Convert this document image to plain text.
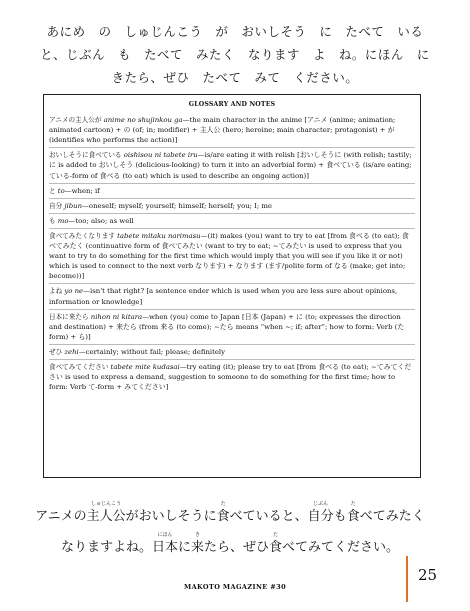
あにめ　の　しゅじんこう　が　おいしそう　に　たべて　いる
と、じぶん　も　たべて　みたく　なります　よ　ね。にほん　に
きたら、ぜひ　たべて　みて　ください。
GLOSSARY AND NOTES
アニメの主人公が anime no shujinkou ga—the main character in the anime [アニメ (anime; animation; animated cartoon) + の (of; in; modifier) + 主人公 (hero; heroine; main character; protagonist) + が (identifies who performs the action)]
おいしそうに食べている oishisou ni tabete iru—is/are eating it with relish [おいしそうに (with relish; tastily; に is added to おいしそう (delicious-looking) to turn it into an adverbial form) + 食べている (is/are eating; ている-form of 食べる (to eat) which is used to describe an ongoing action)]
と to—when; if
自分 jibun—oneself; myself; yourself; himself; herself; you; I; me
も mo—too; also; as well
食べてみたくなります tabete mitaku narimasu—(it) makes (you) want to try to eat [from 食べる (to eat); 食べてみたく (continuative form of 食べてみたい (want to try to eat; ~てみたい is used to express that you want to try to do something for the first time which would imply that you will see if you like it or not) which is used to connect to the next verb なります) + なります (ます/polite form of なる (make; get into; become))]
よね yo ne—isn't that right? [a sentence ender which is used when you are less sure about opinions, information or knowledge]
日本に来たら nihon ni kitara—when (you) come to Japan [日本 (Japan) + に (to; expresses the direction and destination) + 来たら (from 来る (to come); ~たら means “when ~; if; after”; how to form: Verb (た form) + ら)]
ぜひ zehi—certainly; without fail; please; definitely
食べてみてください tabete mite kudasai—try eating (it); please try to eat [from 食べる (to eat); ~てみてください is used to express a demand, suggestion to someone to do something for the first time; how to form: Verb て-form + みてください]
アニメの
しゅじんこう
主人公 がおいしそうに
た
食 べていると、
じぶん
自分 も
た
食 べてみたく
なりますよね。
にほん
日本 に
き
来 たら、ぜひ
た
食 べてみてください。
25
MAKOTO MAGAZINE #30
